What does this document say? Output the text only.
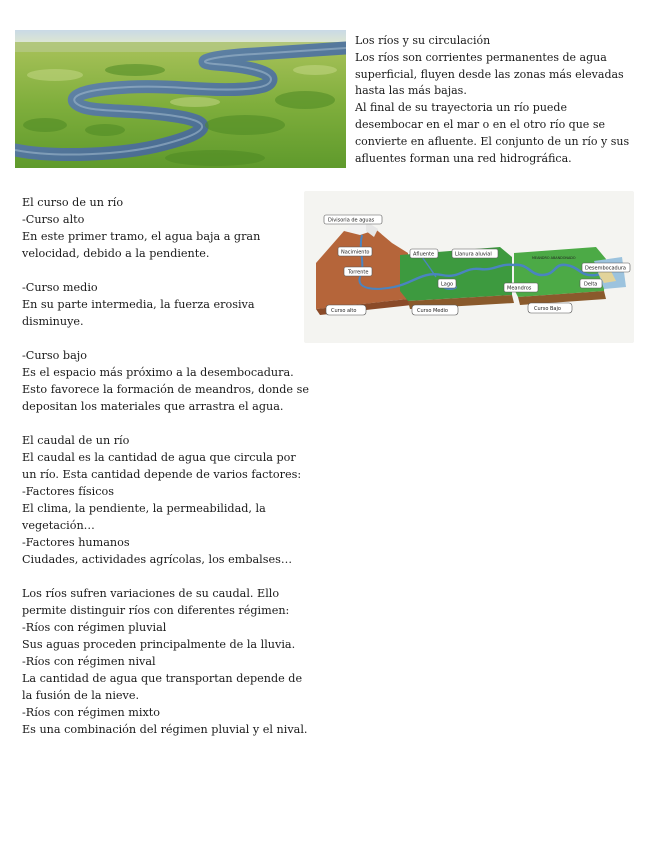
Los ríos y su circulación
Los ríos son corrientes permanentes de agua
superficial, fluyen desde las zonas más elevadas
hasta las más bajas.
Al final de su trayectoria un río puede
desembocar en el mar o en el otro río que se
convierte en afluente. El conjunto de un río y sus
afluentes forman una red hidrográfica.
Divisoria de aguas
Nacimiento
Torrente
Afluente	Llanura aluvial
Lago
MEANDRO ABANDONADO
Desembocadura
Meandros
Delta
Curso alto	Curso Medio	Curso Bajo
El curso de un río
-Curso alto
En este primer tramo, el agua baja a gran
velocidad, debido a la pendiente.
-Curso medio
En su parte intermedia, la fuerza erosiva
disminuye.
-Curso bajo
Es el espacio más próximo a la desembocadura.
Esto favorece la formación de meandros, donde se
depositan los materiales que arrastra el agua.
El caudal de un río
El caudal es la cantidad de agua que circula por
un río. Esta cantidad depende de varios factores:
-Factores físicos
El clima, la pendiente, la permeabilidad, la
vegetación…
-Factores humanos
Ciudades, actividades agrícolas, los embalses…
Los ríos sufren variaciones de su caudal. Ello
permite distinguir ríos con diferentes régimen:
-Ríos con régimen pluvial
Sus aguas proceden principalmente de la lluvia.
-Ríos con régimen nival
La cantidad de agua que transportan depende de
la fusión de la nieve.
-Ríos con régimen mixto
Es una combinación del régimen pluvial y el nival.
